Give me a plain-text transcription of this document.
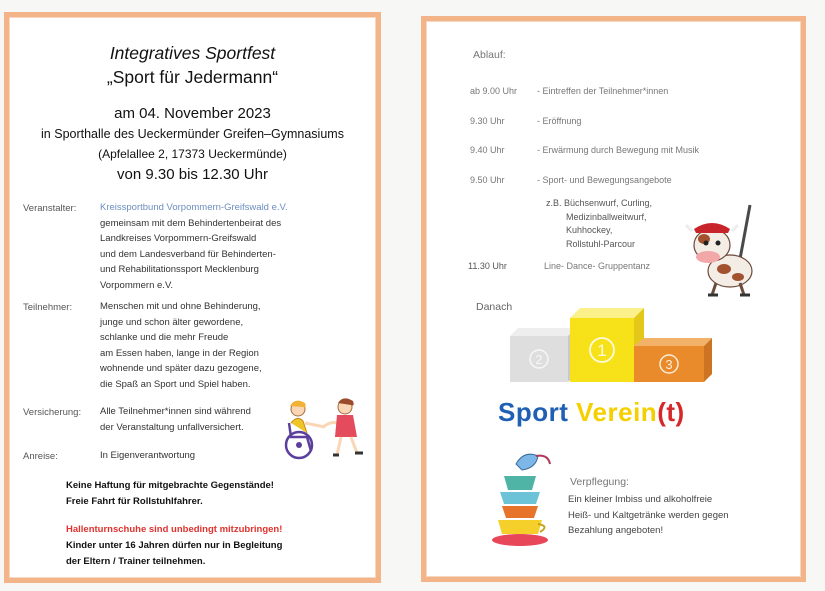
Integratives Sportfest
„Sport für Jedermann“
am 04. November 2023
in Sporthalle des Ueckermünder Greifen–Gymnasiums
(Apfelallee 2, 17373 Ueckermünde)
von 9.30 bis 12.30 Uhr
Veranstalter: Kreissportbund Vorpommern-Greifswald e.V.
gemeinsam mit dem Behindertenbeirat des
Landkreises Vorpommern-Greifswald
und dem Landesverband für Behinderten-
und Rehabilitationssport Mecklenburg
Vorpommern e.V.
Teilnehmer:	Menschen mit und ohne Behinderung,
junge und schon älter gewordene,
schlanke und die mehr Freude
am Essen haben, lange in der Region
wohnende und später dazu gezogene,
die Spaß an Sport und Spiel haben.
Versicherung: Alle Teilnehmer*innen sind während
der Veranstaltung unfallversichert.
Anreise:	In Eigenverantwortung
Keine Haftung für mitgebrachte Gegenstände!
Freie Fahrt für Rollstuhlfahrer.
Hallenturnschuhe sind unbedingt mitzubringen!
Kinder unter 16 Jahren dürfen nur in Begleitung
der Eltern / Trainer teilnehmen.
Ablauf:
ab 9.00 Uhr - Eintreffen der Teilnehmer*innen
9.30 Uhr	- Eröffnung
9.40 Uhr	- Erwärmung durch Bewegung mit Musik
9.50 Uhr	- Sport- und Bewegungsangebote
z.B. Büchsenwurf, Curling,
Medizinballweitwurf,
Kuhhockey,
Rollstuhl-Parcour
11.30 Uhr	Line- Dance- Gruppentanz
Danach
2	1
3
Sport Verein(t)
Verpflegung:
Ein kleiner Imbiss und alkoholfreie
Heiß- und Kaltgetränke werden gegen
Bezahlung angeboten!
